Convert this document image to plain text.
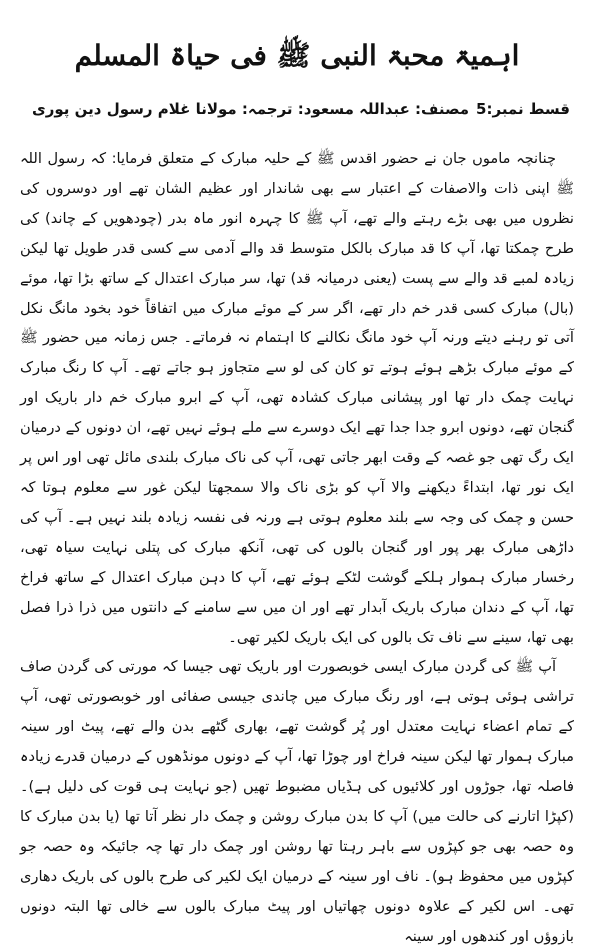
اہمیۃ محبۃ النبی ﷺ فی حیاۃ المسلم
قسط نمبر:5
مصنف: عبداللہ مسعود: ترجمہ: مولانا غلام رسول دین پوری

چنانچہ ماموں جان نے حضور اقدس ﷺ کے حلیہ مبارک کے متعلق فرمایا: کہ رسول اللہ ﷺ اپنی ذات والاصفات کے اعتبار سے بھی شاندار اور عظیم الشان تھے اور دوسروں کی نظروں میں بھی بڑے رہتے والے تھے، آپ ﷺ کا چہرہ انور ماہ بدر (چودھویں کے چاند) کی طرح چمکتا تھا، آپ کا قد مبارک بالکل متوسط قد والے آدمی سے کسی قدر طویل تھا لیکن زیادہ لمبے قد والے سے پست (یعنی درمیانہ قد) تھا، سر مبارک اعتدال کے ساتھ بڑا تھا، موئے (بال) مبارک کسی قدر خم دار تھے، اگر سر کے موئے مبارک میں اتفاقاً خود بخود مانگ نکل آتی تو رہنے دیتے ورنہ آپ خود مانگ نکالنے کا اہتمام نہ فرماتے۔ جس زمانہ میں حضور ﷺ کے موئے مبارک بڑھے ہوئے ہوتے تو کان کی لو سے متجاوز ہو جاتے تھے۔ آپ کا رنگ مبارک نہایت چمک دار تھا اور پیشانی مبارک کشادہ تھی، آپ کے ابرو مبارک خم دار باریک اور گنجان تھے، دونوں ابرو جدا جدا تھے ایک دوسرے سے ملے ہوئے نہیں تھے، ان دونوں کے درمیان ایک رگ تھی جو غصہ کے وقت ابھر جاتی تھی، آپ کی ناک مبارک بلندی مائل تھی اور اس پر ایک نور تھا، ابتداءً دیکھنے والا آپ کو بڑی ناک والا سمجھتا لیکن غور سے معلوم ہوتا کہ حسن و چمک کی وجہ سے بلند معلوم ہوتی ہے ورنہ فی نفسہ زیادہ بلند نہیں ہے۔ آپ کی داڑھی مبارک بھر پور اور گنجان بالوں کی تھی، آنکھ مبارک کی پتلی نہایت سیاہ تھی، رخسار مبارک ہموار ہلکے گوشت لٹکے ہوئے تھے، آپ کا دہن مبارک اعتدال کے ساتھ فراخ تھا، آپ کے دندان مبارک باریک آبدار تھے اور ان میں سے سامنے کے دانتوں میں ذرا ذرا فصل بھی تھا، سینے سے ناف تک بالوں کی ایک باریک لکیر تھی۔

آپ ﷺ کی گردن مبارک ایسی خوبصورت اور باریک تھی جیسا کہ مورتی کی گردن صاف تراشی ہوئی ہوتی ہے، اور رنگ مبارک میں چاندی جیسی صفائی اور خوبصورتی تھی، آپ کے تمام اعضاء نہایت معتدل اور پُر گوشت تھے، بھاری گٹھے بدن والے تھے، پیٹ اور سینہ مبارک ہموار تھا لیکن سینہ فراخ اور چوڑا تھا، آپ کے دونوں مونڈھوں کے درمیان قدرے زیادہ فاصلہ تھا، جوڑوں اور کلائیوں کی ہڈیاں مضبوط تھیں (جو نہایت ہی قوت کی دلیل ہے)۔ (کپڑا اتارنے کی حالت میں) آپ کا بدن مبارک روشن و چمک دار نظر آتا تھا (یا بدن مبارک کا وہ حصہ بھی جو کپڑوں سے باہر رہتا تھا روشن اور چمک دار تھا چہ جائیکہ وہ حصہ جو کپڑوں میں محفوظ ہو)۔ ناف اور سینہ کے درمیان ایک لکیر کی طرح بالوں کی باریک دھاری تھی۔ اس لکیر کے علاوہ دونوں چھاتیاں اور پیٹ مبارک بالوں سے خالی تھا البتہ دونوں بازوؤں اور کندھوں اور سینہ
